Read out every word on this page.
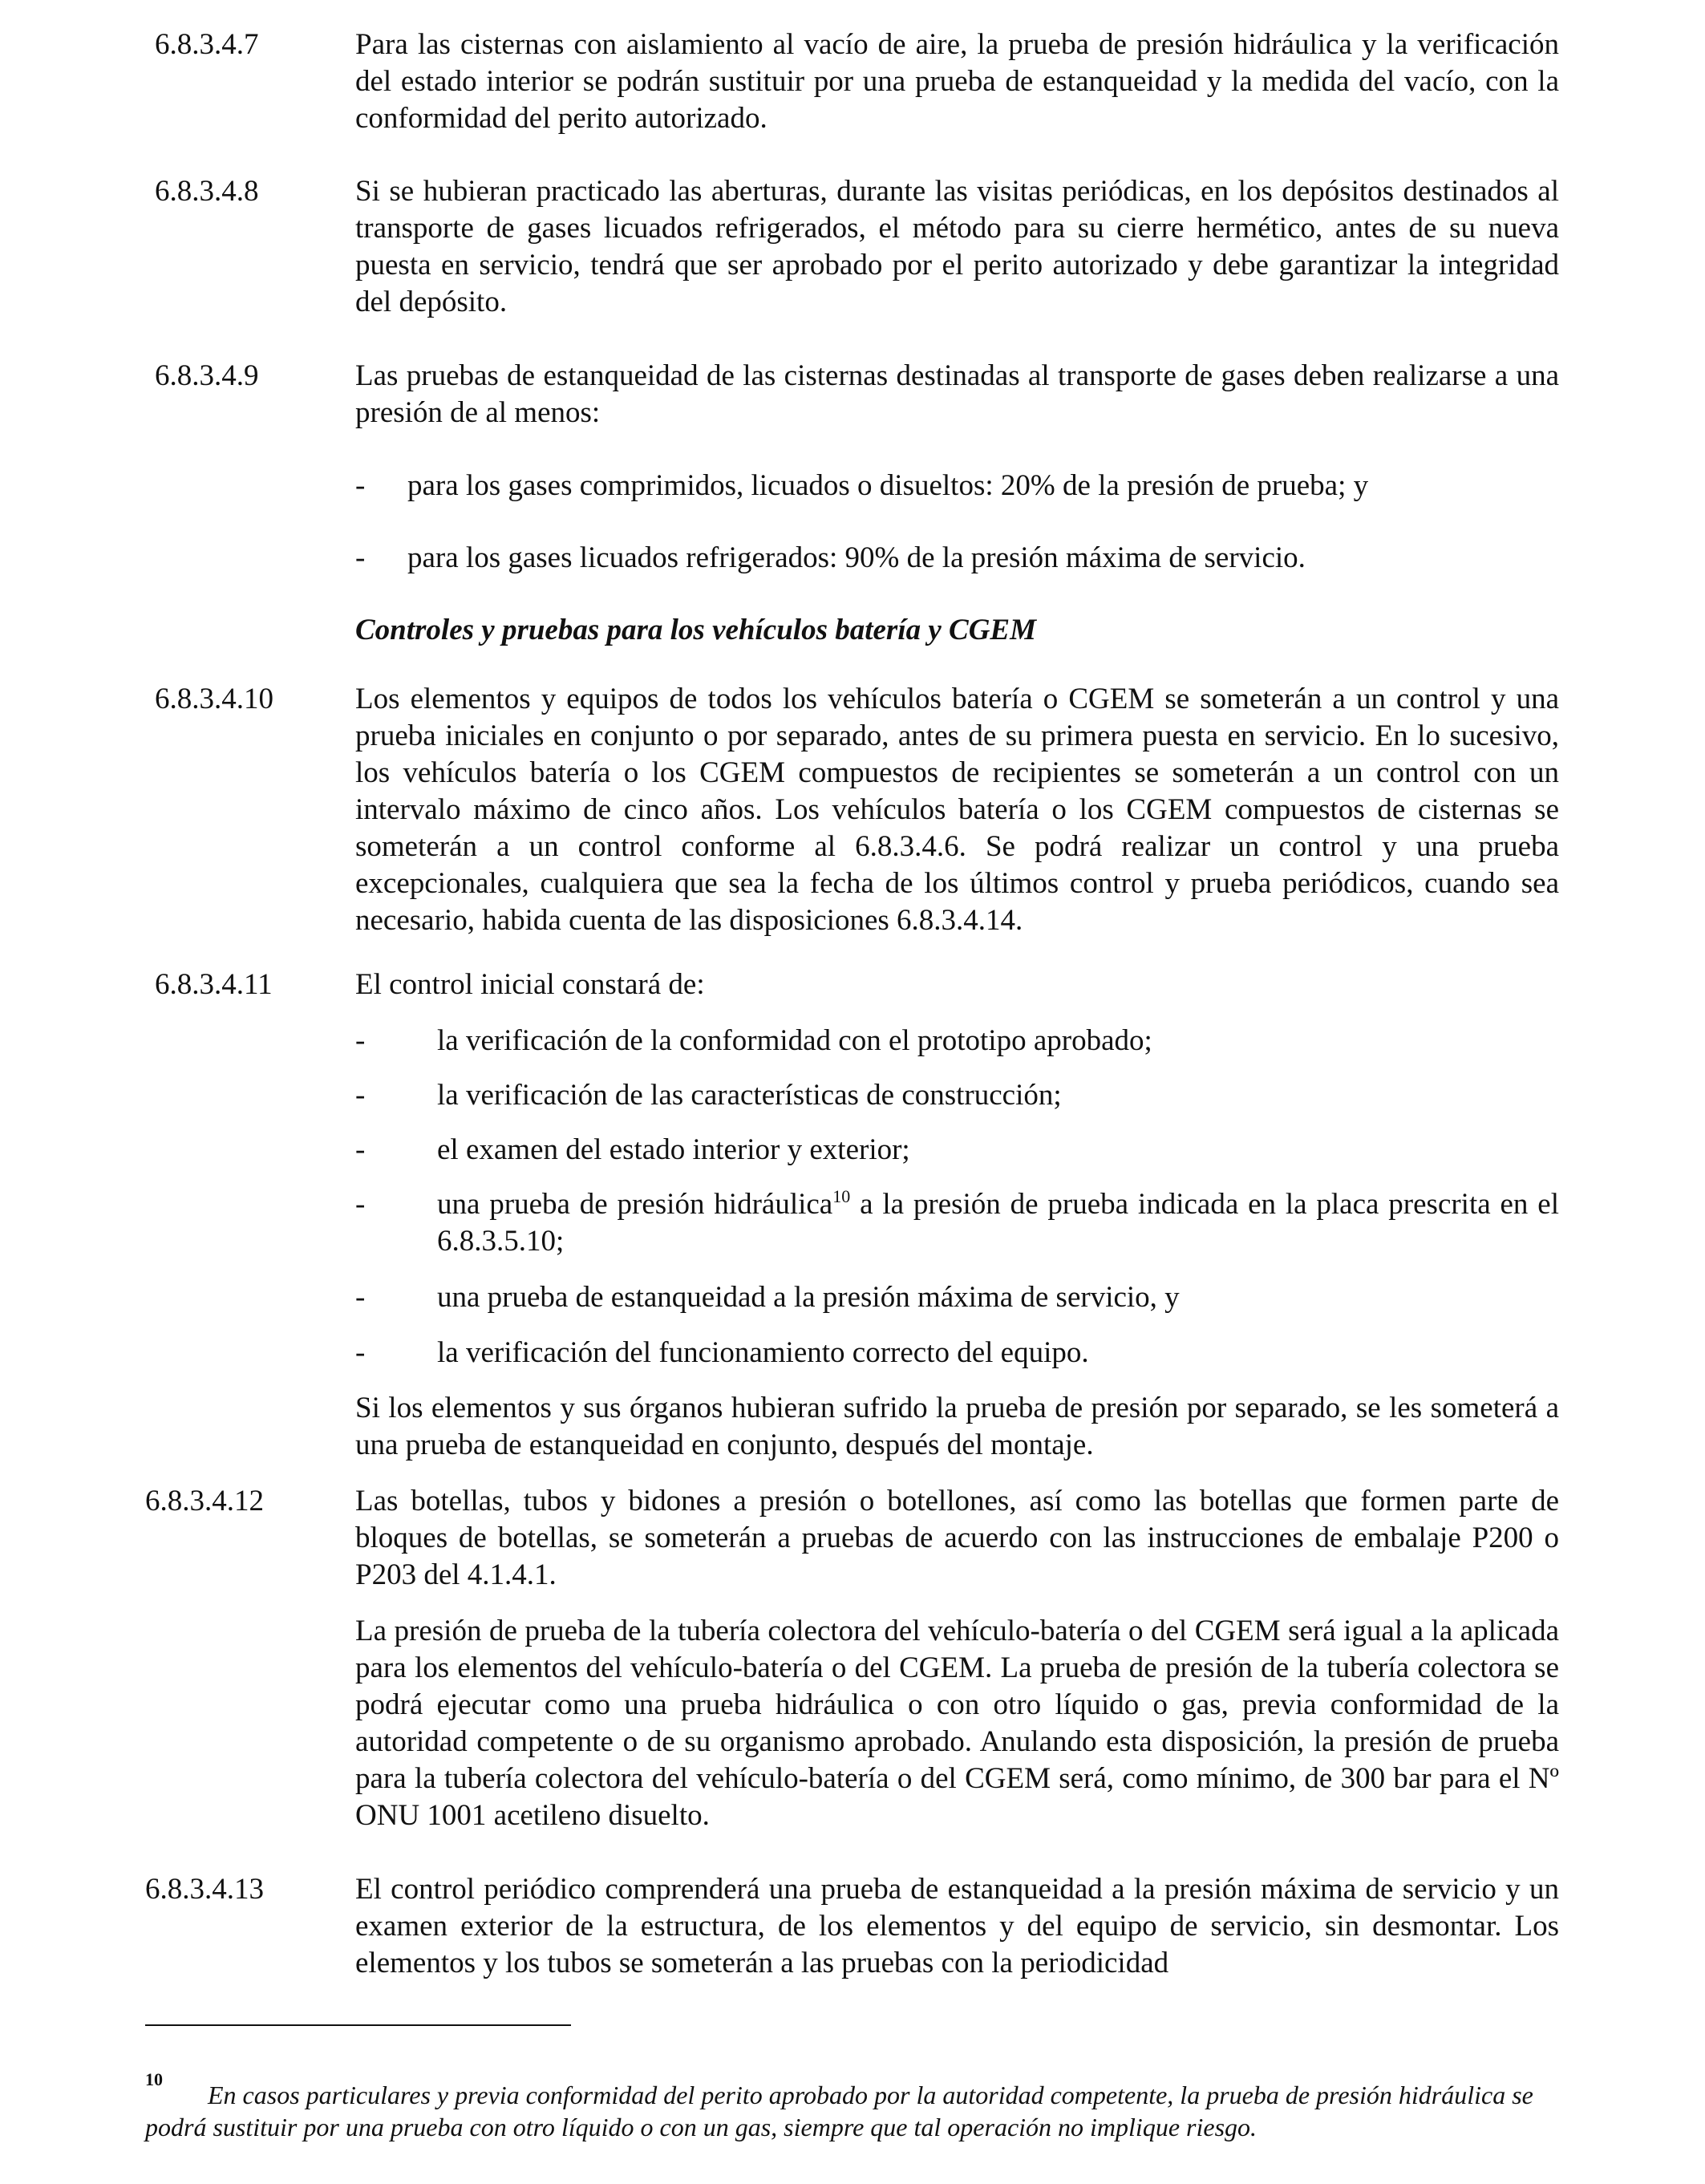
6.8.3.4.7	Para las cisternas con aislamiento al vacío de aire, la prueba de presión hidráulica y la verificación del estado interior se podrán sustituir por una prueba de estanqueidad y la medida del vacío, con la conformidad del perito autorizado.
6.8.3.4.8	Si se hubieran practicado las aberturas, durante las visitas periódicas, en los depósitos destinados al transporte de gases licuados refrigerados, el método para su cierre hermético, antes de su nueva puesta en servicio, tendrá que ser aprobado por el perito autorizado y debe garantizar la integridad del depósito.
6.8.3.4.9	Las pruebas de estanqueidad de las cisternas destinadas al transporte de gases deben realizarse a una presión de al menos:
- para los gases comprimidos, licuados o disueltos: 20% de la presión de prueba; y
- para los gases licuados refrigerados: 90% de la presión máxima de servicio.
Controles y pruebas para los vehículos batería y CGEM
6.8.3.4.10	Los elementos y equipos de todos los vehículos batería o CGEM se someterán a un control y una prueba iniciales en conjunto o por separado, antes de su primera puesta en servicio. En lo sucesivo, los vehículos batería o los CGEM compuestos de recipientes se someterán a un control con un intervalo máximo de cinco años. Los vehículos batería o los CGEM compuestos de cisternas se someterán a un control conforme al 6.8.3.4.6. Se podrá realizar un control y una prueba excepcionales, cualquiera que sea la fecha de los últimos control y prueba periódicos, cuando sea necesario, habida cuenta de las disposiciones 6.8.3.4.14.
6.8.3.4.11	El control inicial constará de:
- la verificación de la conformidad con el prototipo aprobado;
- la verificación de las características de construcción;
- el examen del estado interior y exterior;
- una prueba de presión hidráulica$^{10}$ a la presión de prueba indicada en la placa prescrita en el 6.8.3.5.10;
- una prueba de estanqueidad a la presión máxima de servicio, y
- la verificación del funcionamiento correcto del equipo.
Si los elementos y sus órganos hubieran sufrido la prueba de presión por separado, se les someterá a una prueba de estanqueidad en conjunto, después del montaje.
6.8.3.4.12	Las botellas, tubos y bidones a presión o botellones, así como las botellas que formen parte de bloques de botellas, se someterán a pruebas de acuerdo con las instrucciones de embalaje P200 o P203 del 4.1.4.1.
La presión de prueba de la tubería colectora del vehículo-batería o del CGEM será igual a la aplicada para los elementos del vehículo-batería o del CGEM. La prueba de presión de la tubería colectora se podrá ejecutar como una prueba hidráulica o con otro líquido o gas, previa conformidad de la autoridad competente o de su organismo aprobado. Anulando esta disposición, la presión de prueba para la tubería colectora del vehículo-batería o del CGEM será, como mínimo, de 300 bar para el Nº ONU 1001 acetileno disuelto.
6.8.3.4.13	El control periódico comprenderá una prueba de estanqueidad a la presión máxima de servicio y un examen exterior de la estructura, de los elementos y del equipo de servicio, sin desmontar. Los elementos y los tubos se someterán a las pruebas con la periodicidad
10
En casos particulares y previa conformidad del perito aprobado por la autoridad competente, la prueba de presión hidráulica se podrá sustituir por una prueba con otro líquido o con un gas, siempre que tal operación no implique riesgo.
